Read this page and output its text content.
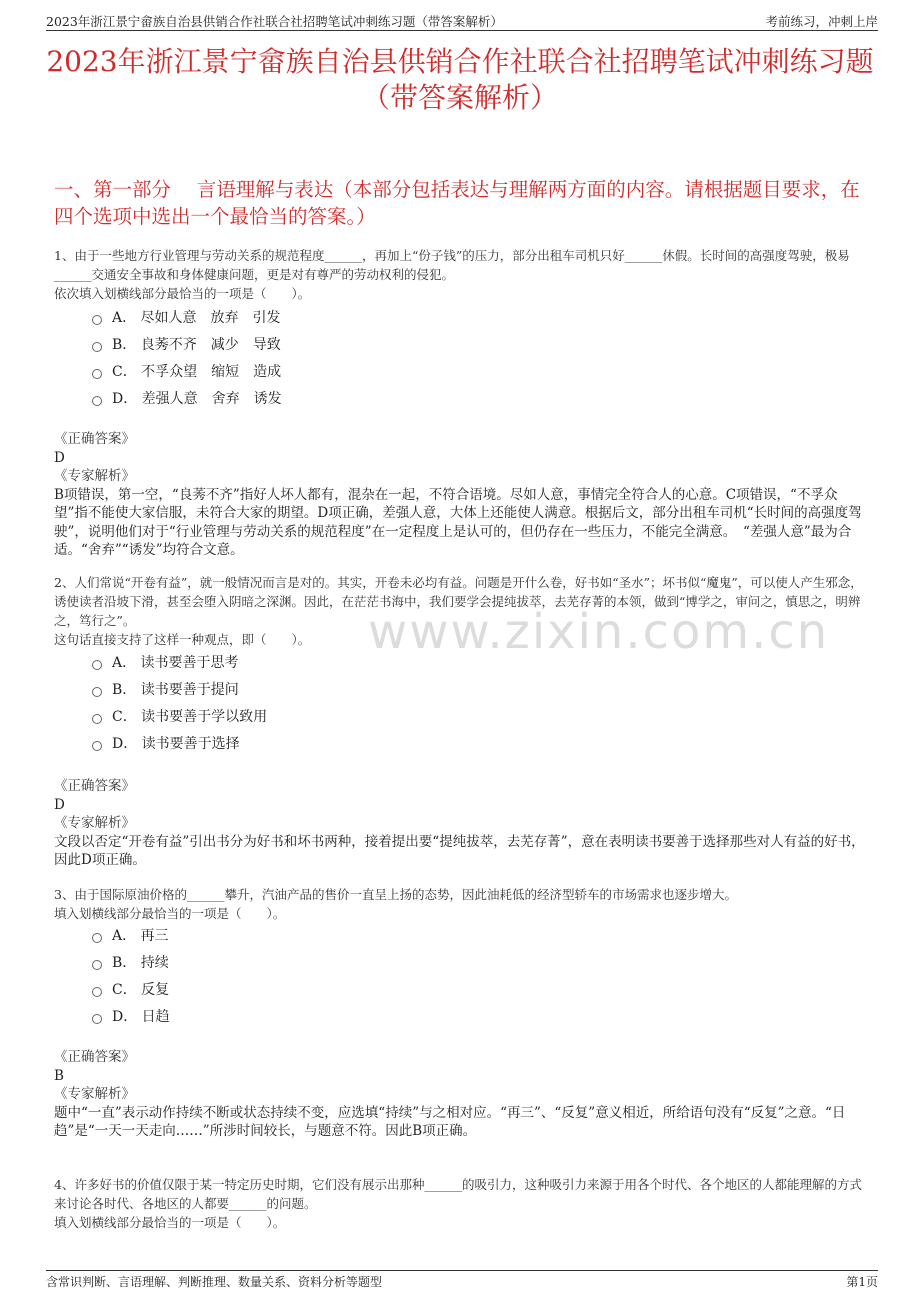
2023年浙江景宁畲族自治县供销合作社联合社招聘笔试冲刺练习题（带答案解析）	考前练习，冲刺上岸
2023年浙江景宁畲族自治县供销合作社联合社招聘笔试冲刺练习题（带答案解析）
一、第一部分　 言语理解与表达（本部分包括表达与理解两方面的内容。请根据题目要求，在四个选项中选出一个最恰当的答案。）
www.zixin.com.cn
1、由于一些地方行业管理与劳动关系的规范程度______，再加上“份子钱”的压力，部分出租车司机只好______休假。长时间的高强度驾驶，极易______交通安全事故和身体健康问题，更是对有尊严的劳动权利的侵犯。
依次填入划横线部分最恰当的一项是（　　）。
A． 尽如人意　放弃　引发
B． 良莠不齐　减少　导致
C． 不孚众望　缩短　造成
D． 差强人意　舍弃　诱发
《正确答案》
D
《专家解析》
B项错误，第一空，“良莠不齐”指好人坏人都有，混杂在一起，不符合语境。尽如人意，事情完全符合人的心意。C项错误，“不孚众望”指不能使大家信服，未符合大家的期望。D项正确，差强人意，大体上还能使人满意。根据后文，部分出租车司机“长时间的高强度驾驶”，说明他们对于“行业管理与劳动关系的规范程度”在一定程度上是认可的，但仍存在一些压力，不能完全满意。　“差强人意”最为合适。“舍弃”“诱发”均符合文意。
2、人们常说“开卷有益”，就一般情况而言是对的。其实，开卷未必均有益。问题是开什么卷，好书如“圣水”；坏书似“魔鬼”，可以使人产生邪念，诱使读者沿坡下滑，甚至会堕入阴暗之深渊。因此，在茫茫书海中，我们要学会提纯拔萃，去芜存菁的本领，做到“博学之，审问之，慎思之，明辨之，笃行之”。
这句话直接支持了这样一种观点，即（　　）。
A． 读书要善于思考
B． 读书要善于提问
C． 读书要善于学以致用
D． 读书要善于选择
《正确答案》
D
《专家解析》
文段以否定“开卷有益”引出书分为好书和坏书两种，接着提出要“提纯拔萃，去芜存菁”，意在表明读书要善于选择那些对人有益的好书，因此D项正确。
3、由于国际原油价格的______攀升，汽油产品的售价一直呈上扬的态势，因此油耗低的经济型轿车的市场需求也逐步增大。
填入划横线部分最恰当的一项是（　　）。
A． 再三
B． 持续
C． 反复
D． 日趋
《正确答案》
B
《专家解析》
题中“一直”表示动作持续不断或状态持续不变，应选填“持续”与之相对应。“再三”、“反复”意义相近，所给语句没有“反复”之意。“日趋”是“一天一天走向……”所涉时间较长，与题意不符。因此B项正确。
4、许多好书的价值仅限于某一特定历史时期，它们没有展示出那种______的吸引力，这种吸引力来源于用各个时代、各个地区的人都能理解的方式来讨论各时代、各地区的人都要______的问题。
填入划横线部分最恰当的一项是（　　）。
含常识判断、言语理解、判断推理、数量关系、资料分析等题型	第1页
